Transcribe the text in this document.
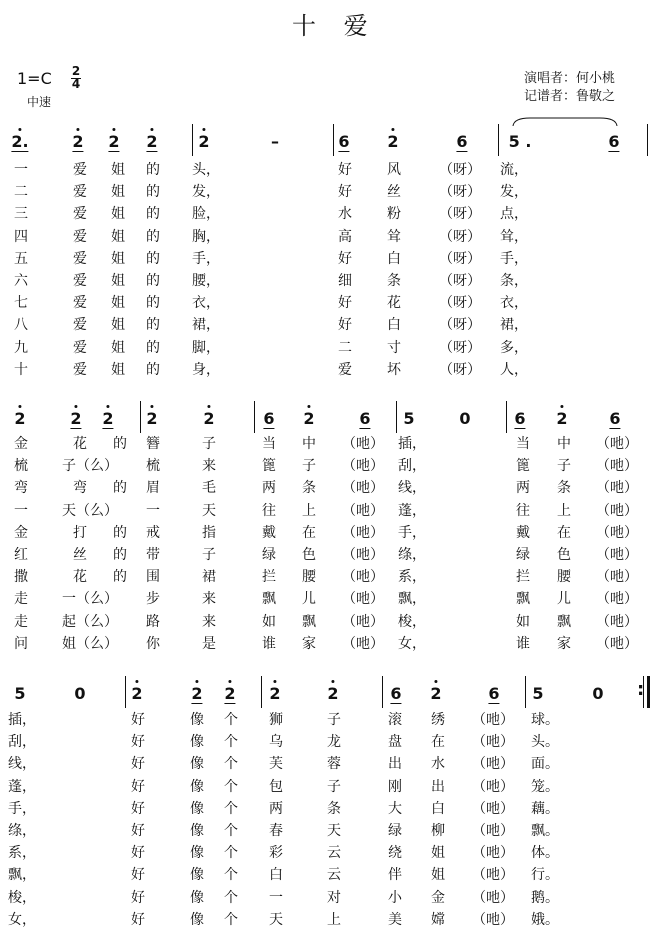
十 爱
1=C 2
4
中速
演唱者：何小桃
记谱者：鲁敬之
2.	2 2 2	2	–	6 2	6	5 .	6
一	爱 姐 的 头，	好	风	（呀） 流，
二	爱 姐 的 发，	好	丝	（呀） 发，
三	爱 姐 的 脸，	水	粉	（呀） 点，
四	爱 姐 的 胸，	高	耸	（呀） 耸，
五	爱 姐 的 手，	好	白	（呀） 手，
六	爱 姐 的 腰，	细	条	（呀） 条，
七	爱 姐 的 衣，	好	花	（呀） 衣，
八	爱 姐 的 裙，	好	白	（呀） 裙，
九	爱 姐 的 脚，	二	寸	（呀） 多，
十	爱 姐 的 身，	爱	坏	（呀） 人，
2	2 2 2	2	6 2	6 5	0	6 2	6
金	花 的 簪	子	当 中 （吔） 插，	当 中 （吔）
梳 子（么） 梳	来	篦 子 （吔） 刮，	篦 子 （吔）
弯	弯 的 眉	毛	两 条 （吔） 线，	两 条 （吔）
一 天（么） 一	天	往 上 （吔） 蓬，	往 上 （吔）
金	打 的 戒	指	戴 在 （吔） 手，	戴 在 （吔）
红	丝 的 带	子	绿 色 （吔） 绦，	绿 色 （吔）
撒	花 的 围	裙	拦 腰 （吔） 系，	拦 腰 （吔）
走 一（么） 步	来	飘 儿 （吔） 飘，	飘 儿 （吔）
走 起（么） 路	来	如 飘 （吔） 梭，	如 飘 （吔）
问 姐（么） 你	是	谁 家 （吔） 女，	谁 家 （吔）
5	0	2	2 2 2	2	6 2	6 5	0
插，	好	像 个 狮	子	滚 绣 （吔） 球。
刮，	好	像 个 乌	龙	盘 在 （吔） 头。
线，	好	像 个 芙	蓉	出 水 （吔） 面。
蓬，	好	像 个 包	子	刚 出 （吔） 笼。
手，	好	像 个 两	条	大 白 （吔） 藕。
绦，	好	像 个 春	天	绿 柳 （吔） 飘。
系，	好	像 个 彩	云	绕 姐 （吔） 体。
飘，	好	像 个 白	云	伴 姐 （吔） 行。
梭，	好	像 个 一	对	小 金 （吔） 鹅。
女，	好	像 个 天	上	美 嫦 （吔） 娥。
:
